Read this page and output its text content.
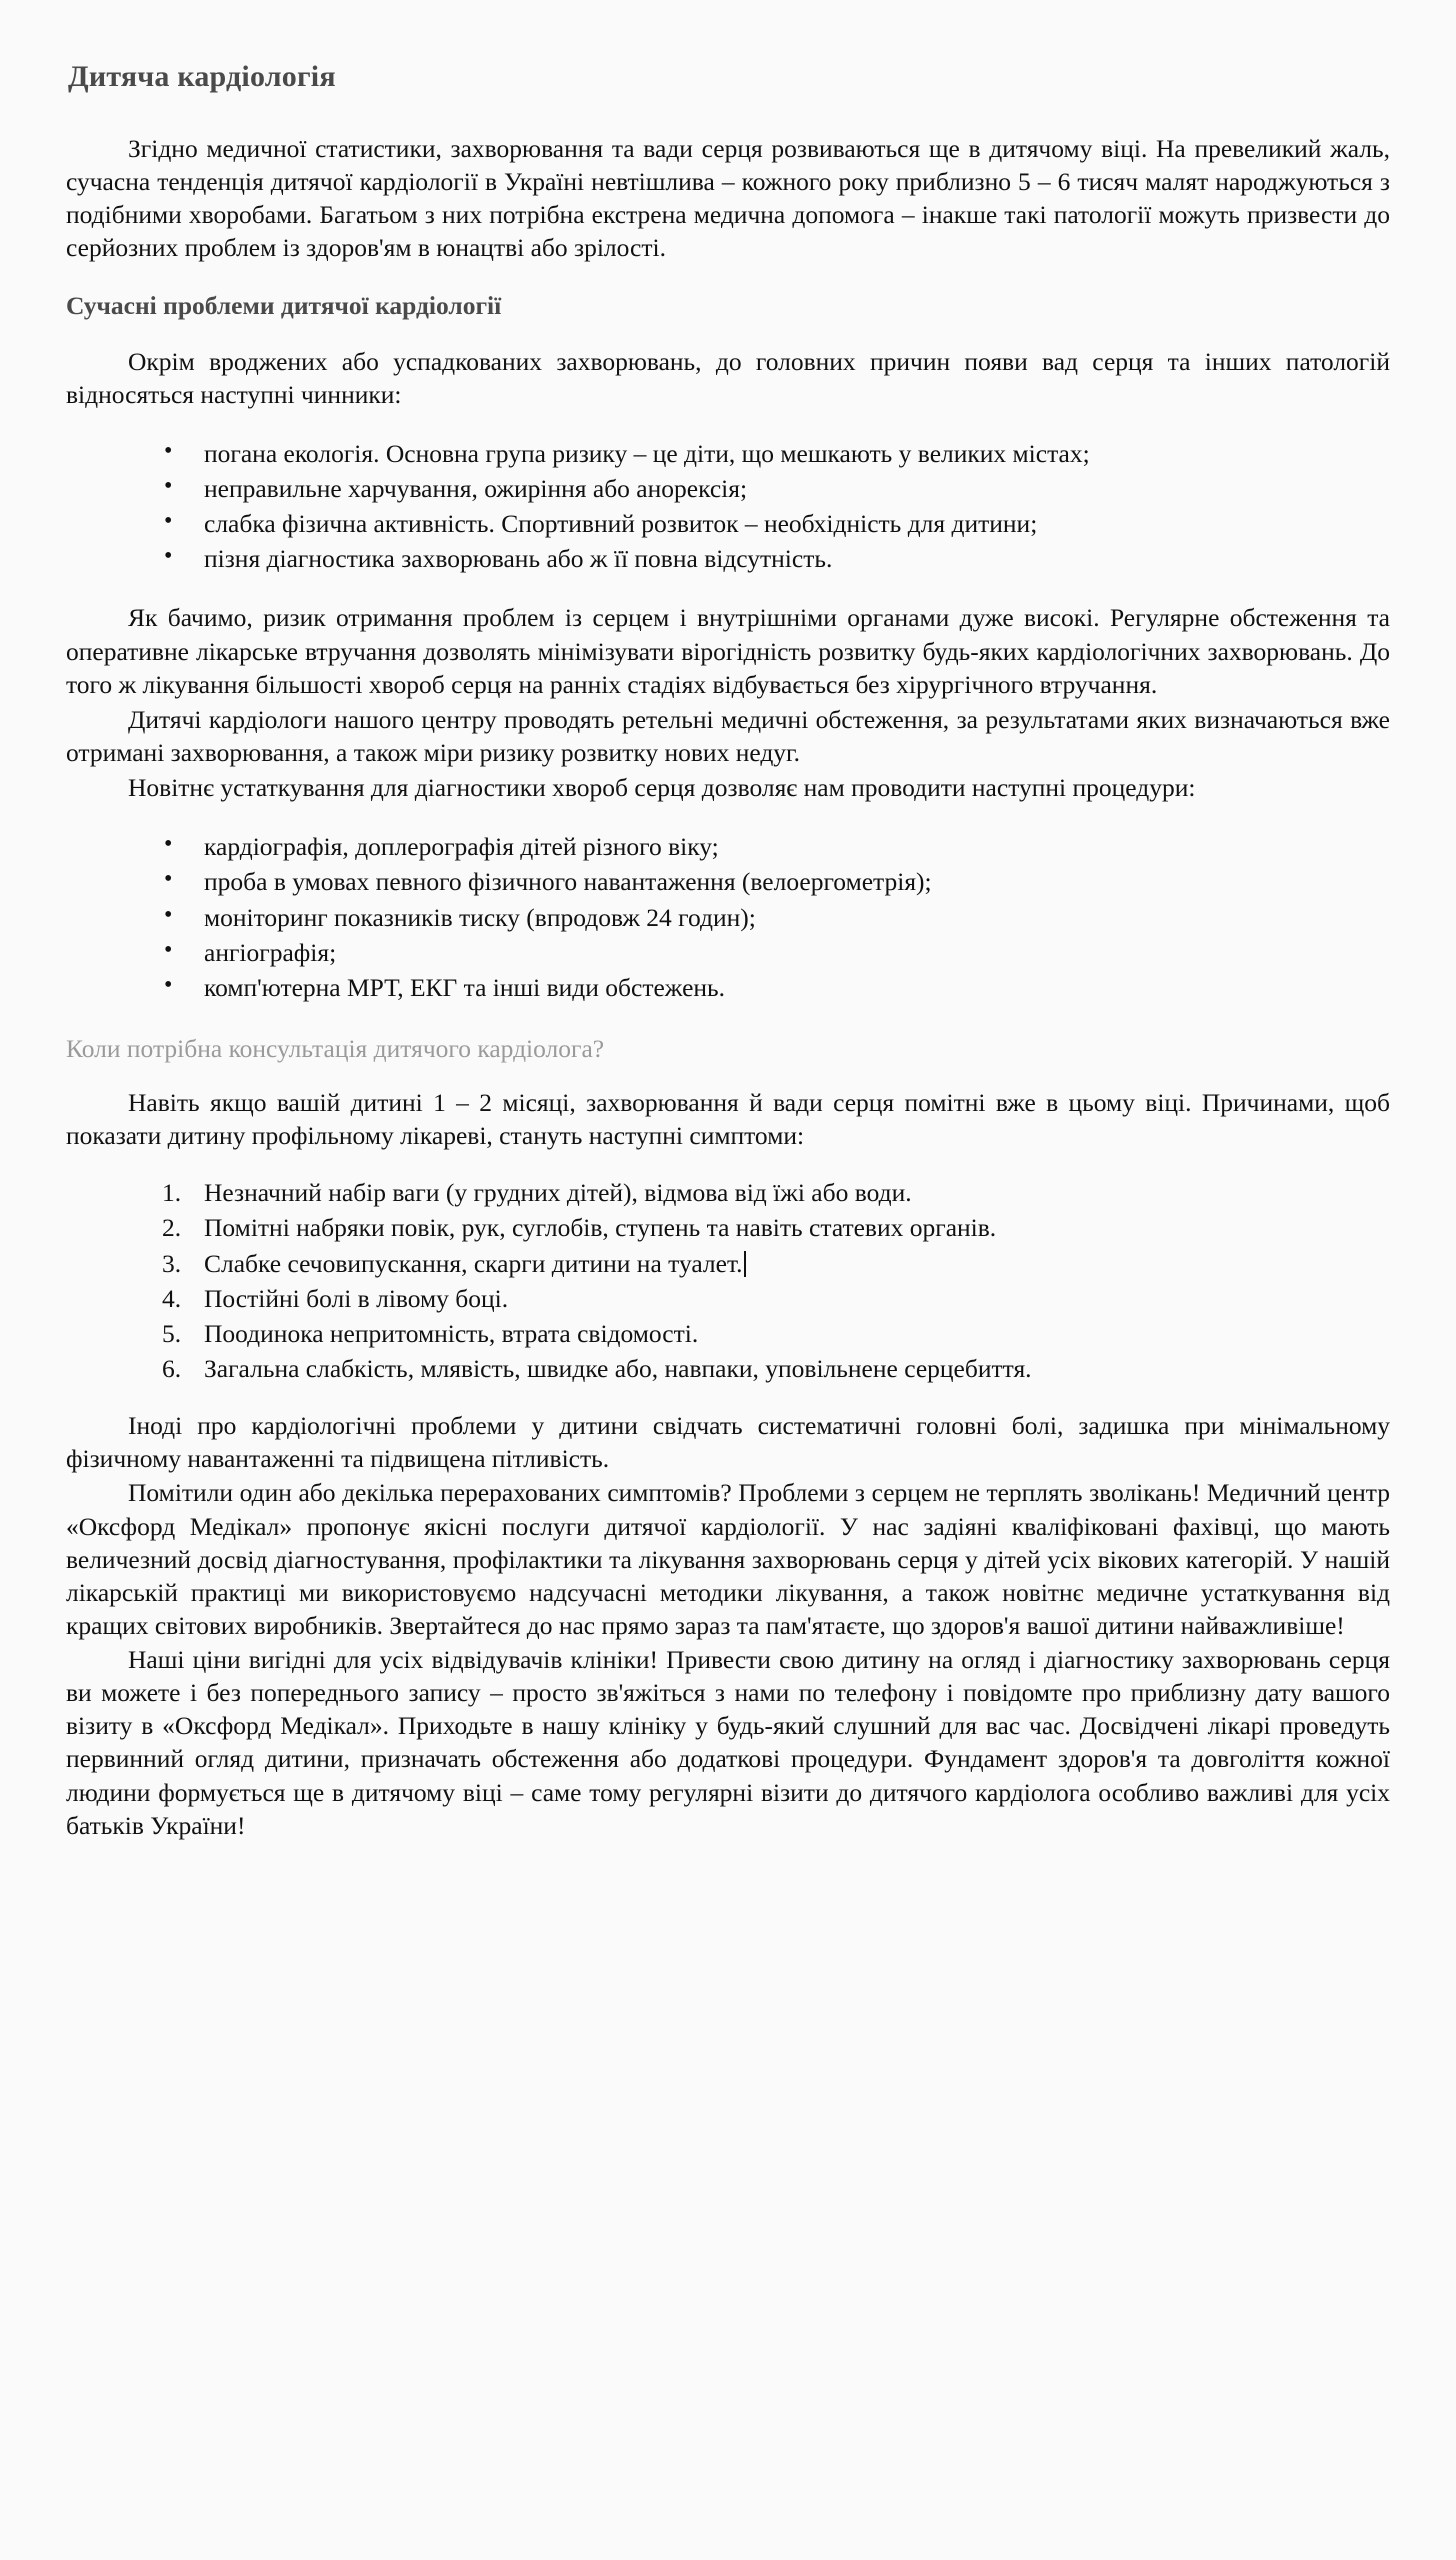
Дитяча кардіологія

Згідно медичної статистики, захворювання та вади серця розвиваються ще в дитячому віці. На превеликий жаль, сучасна тенденція дитячої кардіології в Україні невтішлива – кожного року приблизно 5 – 6 тисяч малят народжуються з подібними хворобами. Багатьом з них потрібна екстрена медична допомога – інакше такі патології можуть призвести до серйозних проблем із здоров'ям в юнацтві або зрілості.

Сучасні проблеми дитячої кардіології

Окрім вроджених або успадкованих захворювань, до головних причин появи вад серця та інших патологій відносяться наступні чинники:

• погана екологія. Основна група ризику – це діти, що мешкають у великих містах;
• неправильне харчування, ожиріння або анорексія;
• слабка фізична активність. Спортивний розвиток – необхідність для дитини;
• пізня діагностика захворювань або ж її повна відсутність.

Як бачимо, ризик отримання проблем із серцем і внутрішніми органами дуже високі. Регулярне обстеження та оперативне лікарське втручання дозволять мінімізувати вірогідність розвитку будь-яких кардіологічних захворювань. До того ж лікування більшості хвороб серця на ранніх стадіях відбувається без хірургічного втручання.

Дитячі кардіологи нашого центру проводять ретельні медичні обстеження, за результатами яких визначаються вже отримані захворювання, а також міри ризику розвитку нових недуг.

Новітнє устаткування для діагностики хвороб серця дозволяє нам проводити наступні процедури:

• кардіографія, доплерографія дітей різного віку;
• проба в умовах певного фізичного навантаження (велоергометрія);
• моніторинг показників тиску (впродовж 24 годин);
• ангіографія;
• комп'ютерна МРТ, ЕКГ та інші види обстежень.
Коли потрібна консультація дитячого кардіолога?

Навіть якщо вашій дитині 1 – 2 місяці, захворювання й вади серця помітні вже в цьому віці. Причинами, щоб показати дитину профільному лікареві, стануть наступні симптоми:

Незначний набір ваги (у грудних дітей), відмова від їжі або води.
Помітні набряки повік, рук, суглобів, ступень та навіть статевих органів.
Слабке сечовипускання, скарги дитини на туалет.
Постійні болі в лівому боці.
Поодинока непритомність, втрата свідомості.
Загальна слабкість, млявість, швидке або, навпаки, уповільнене серцебиття.

Іноді про кардіологічні проблеми у дитини свідчать систематичні головні болі, задишка при мінімальному фізичному навантаженні та підвищена пітливість.

Помітили один або декілька перерахованих симптомів? Проблеми з серцем не терплять зволікань! Медичний центр «Оксфорд Медікал» пропонує якісні послуги дитячої кардіології. У нас задіяні кваліфіковані фахівці, що мають величезний досвід діагностування, профілактики та лікування захворювань серця у дітей усіх вікових категорій. У нашій лікарській практиці ми використовуємо надсучасні методики лікування, а також новітнє медичне устаткування від кращих світових виробників. Звертайтеся до нас прямо зараз та пам'ятаєте, що здоров'я вашої дитини найважливіше!

Наші ціни вигідні для усіх відвідувачів клініки! Привести свою дитину на огляд і діагностику захворювань серця ви можете і без попереднього запису – просто зв'яжіться з нами по телефону і повідомте про приблизну дату вашого візиту в «Оксфорд Медікал». Приходьте в нашу клініку у будь-який слушний для вас час. Досвідчені лікарі проведуть первинний огляд дитини, призначать обстеження або додаткові процедури. Фундамент здоров'я та довголіття кожної людини формується ще в дитячому віці – саме тому регулярні візити до дитячого кардіолога особливо важливі для усіх батьків України!
